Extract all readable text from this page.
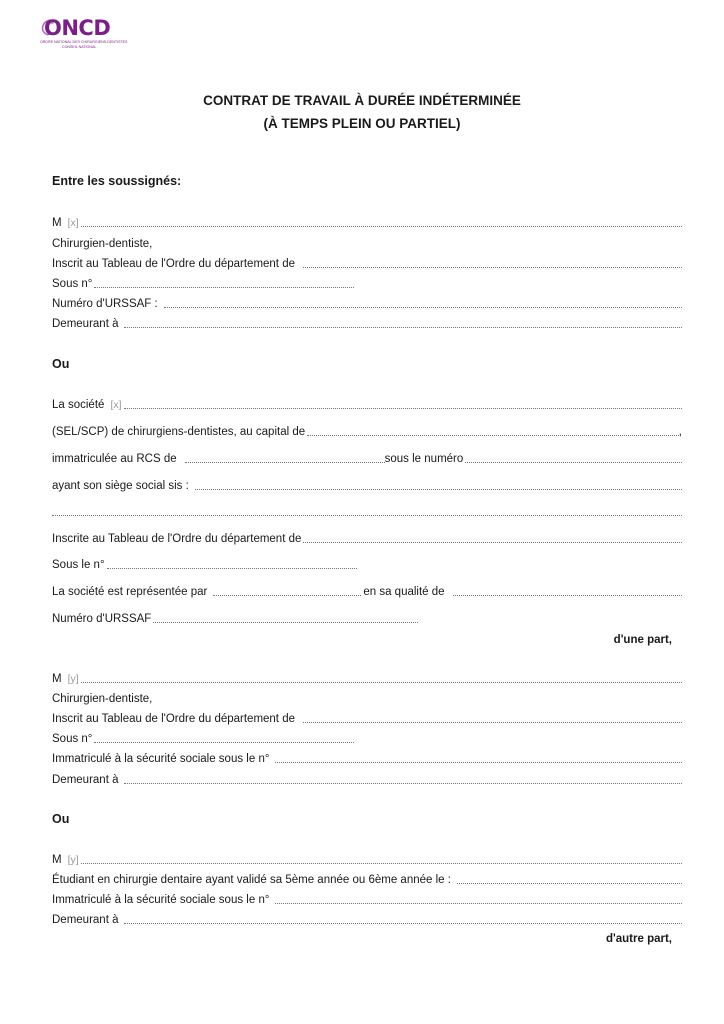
ONCD
ORDRE NATIONAL DES CHIRURGIENS-DENTISTES
CONSEIL NATIONAL
CONTRAT DE TRAVAIL À DURÉE INDÉTERMINÉE
(À TEMPS PLEIN OU PARTIEL)
Entre les soussignés:
M [x]
Chirurgien-dentiste,
Inscrit au Tableau de l'Ordre du département de
Sous n°
Numéro d'URSSAF :
Demeurant à
Ou
La société [x]
(SEL/SCP) de chirurgiens-dentistes, au capital de	,
immatriculée au RCS de	sous le numéro
ayant son siège social sis :
Inscrite au Tableau de l'Ordre du département de
Sous le n°
La société est représentée par	en sa qualité de
Numéro d'URSSAF
d'une part,
M [y]
Chirurgien-dentiste,
Inscrit au Tableau de l'Ordre du département de
Sous n°
Immatriculé à la sécurité sociale sous le n°
Demeurant à
Ou
M [y]
Étudiant en chirurgie dentaire ayant validé sa 5ème année ou 6ème année le :
Immatriculé à la sécurité sociale sous le n°
Demeurant à
d'autre part,
